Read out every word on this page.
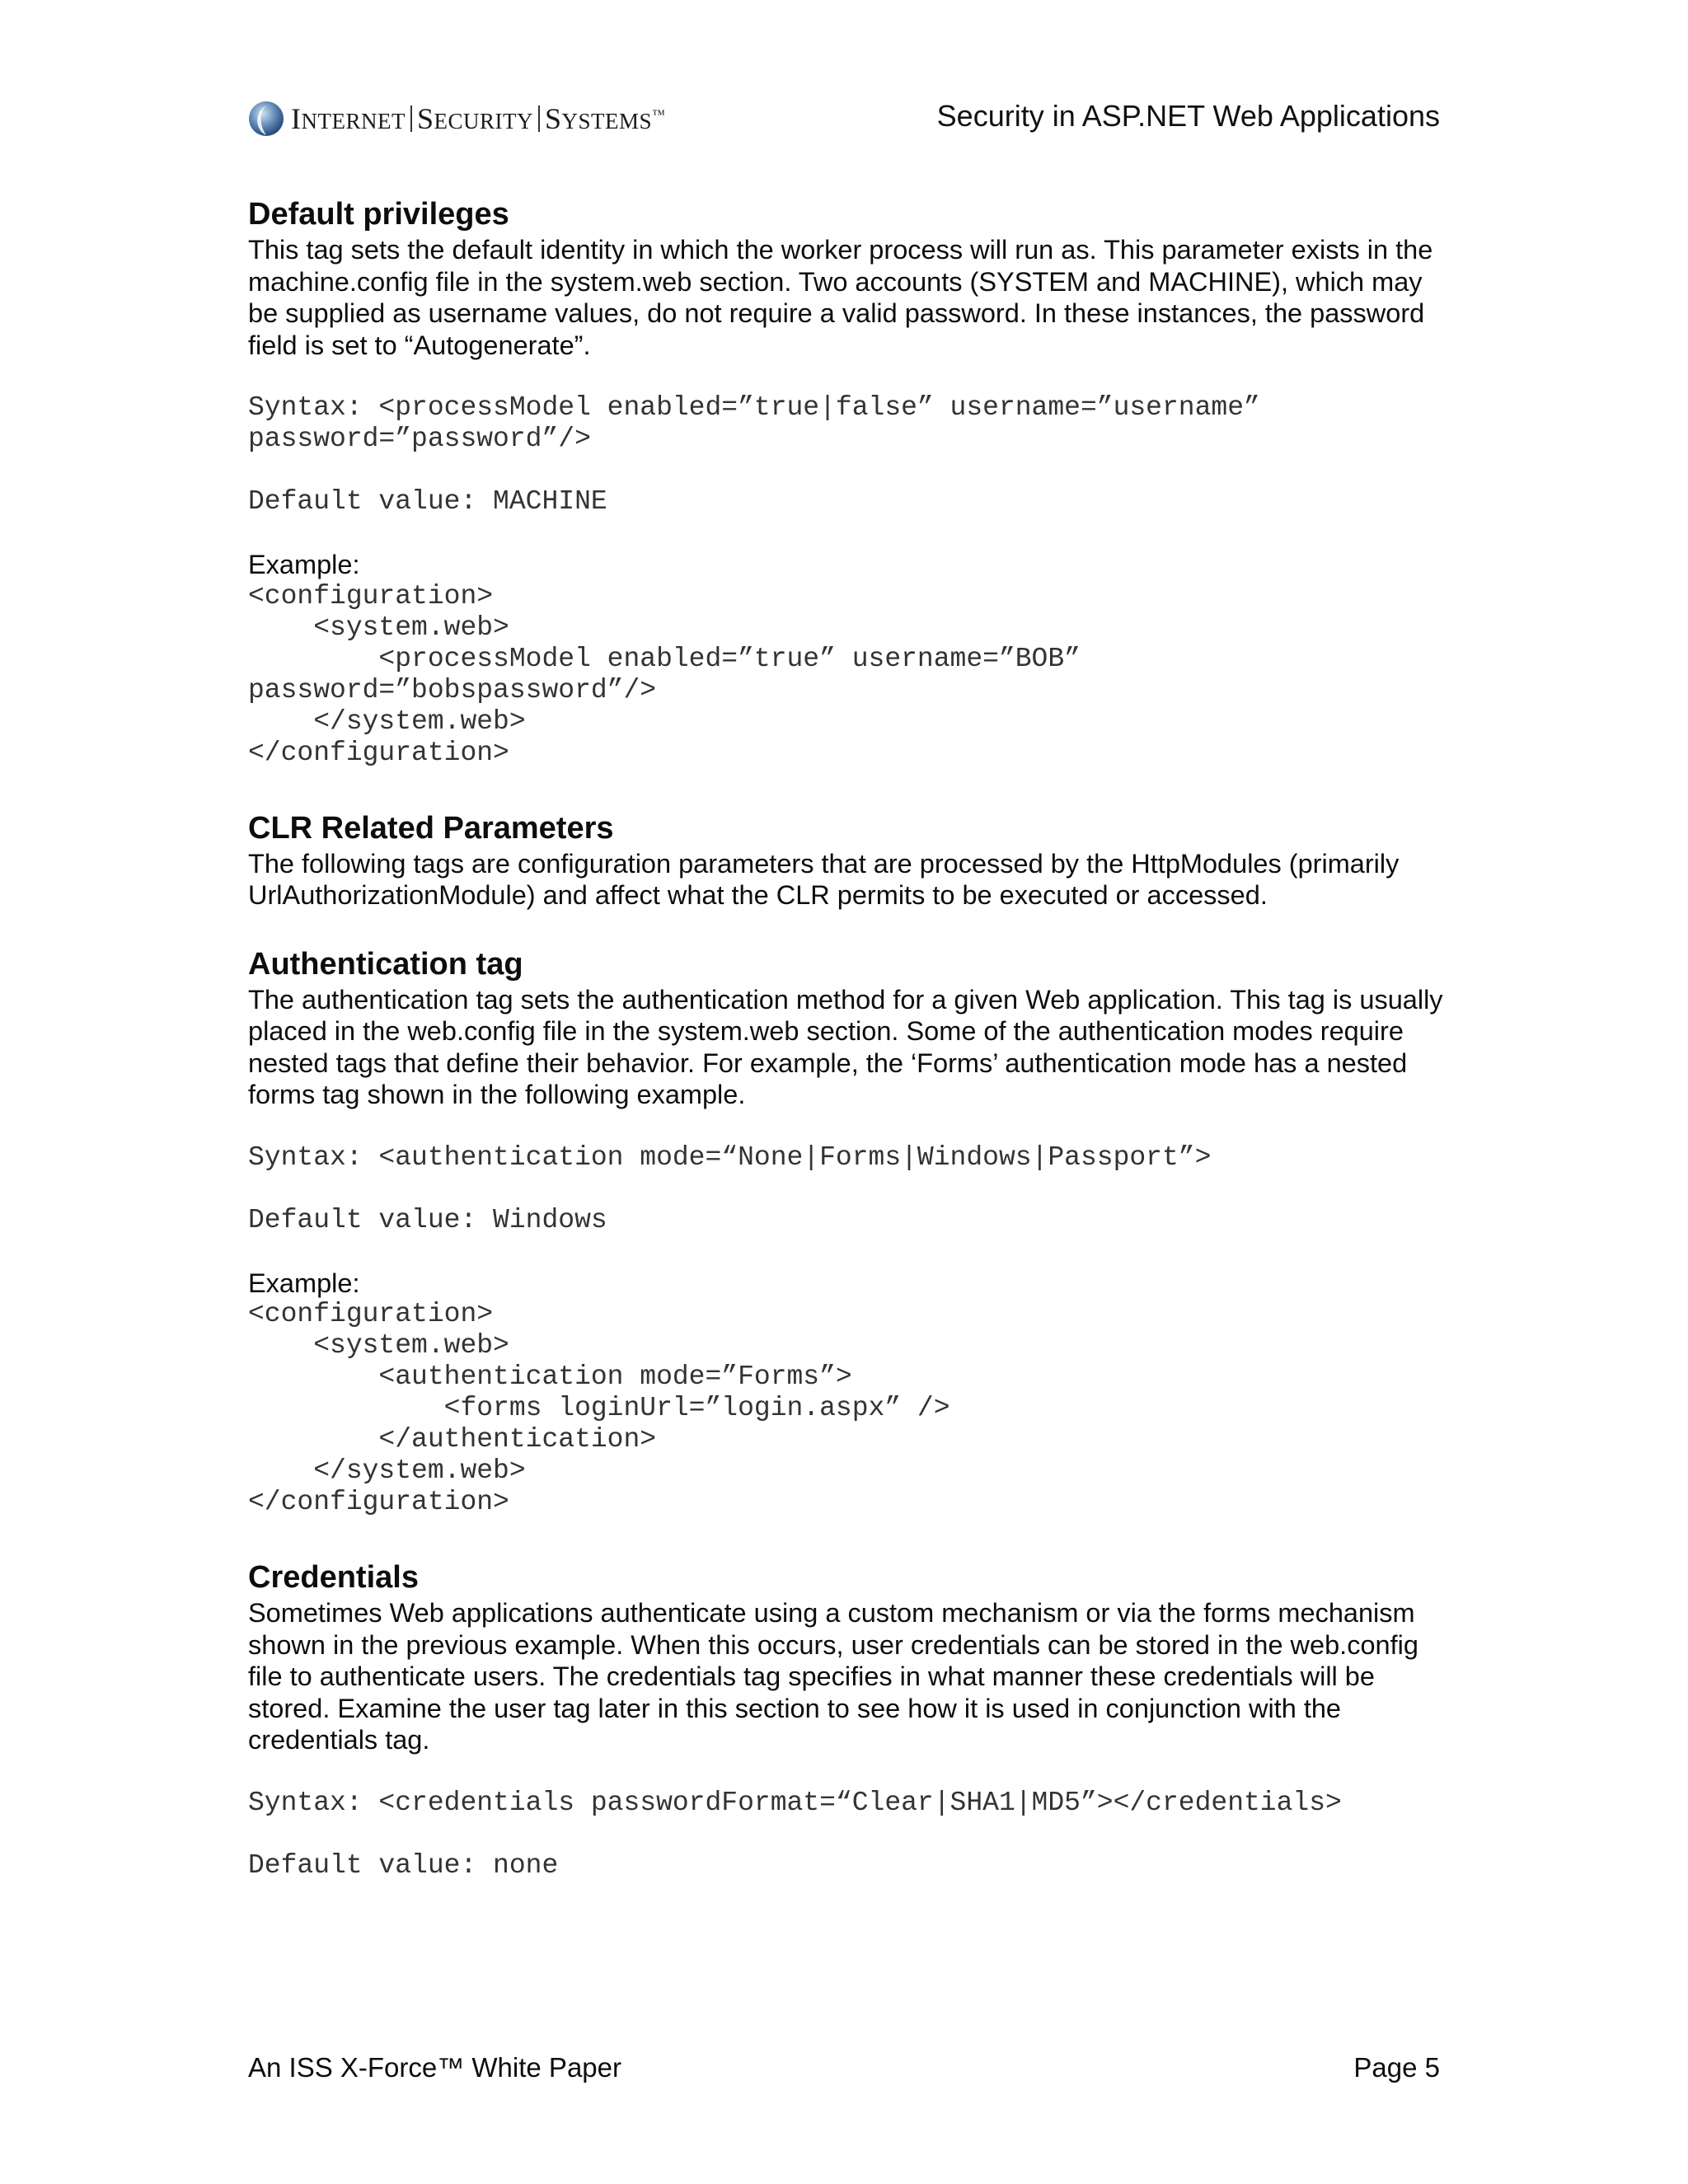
INTERNET SECURITY SYSTEMS™	Security in ASP.NET Web Applications
Default privileges

This tag sets the default identity in which the worker process will run as. This parameter exists in the machine.config file in the system.web section. Two accounts (SYSTEM and MACHINE), which may be supplied as username values, do not require a valid password. In these instances, the password field is set to “Autogenerate”.

Syntax: <processModel enabled=”true|false” username=”username”
password=”password”/>
Default value: MACHINE

Example:

<configuration>
<system.web>
<processModel enabled=”true” username=”BOB”
password=”bobspassword”/>
</system.web>
</configuration>
CLR Related Parameters

The following tags are configuration parameters that are processed by the HttpModules (primarily UrlAuthorizationModule) and affect what the CLR permits to be executed or accessed.

Authentication tag

The authentication tag sets the authentication method for a given Web application. This tag is usually placed in the web.config file in the system.web section. Some of the authentication modes require nested tags that define their behavior. For example, the ‘Forms’ authentication mode has a nested forms tag shown in the following example.

Syntax: <authentication mode=“None|Forms|Windows|Passport”>
Default value: Windows

Example:

<configuration>
<system.web>
<authentication mode=”Forms”>
<forms loginUrl=”login.aspx” />
</authentication>
</system.web>
</configuration>
Credentials

Sometimes Web applications authenticate using a custom mechanism or via the forms mechanism shown in the previous example. When this occurs, user credentials can be stored in the web.config file to authenticate users. The credentials tag specifies in what manner these credentials will be stored. Examine the user tag later in this section to see how it is used in conjunction with the credentials tag.

Syntax: <credentials passwordFormat=“Clear|SHA1|MD5”></credentials>
Default value: none
An ISS X-Force™ White Paper	Page 5
